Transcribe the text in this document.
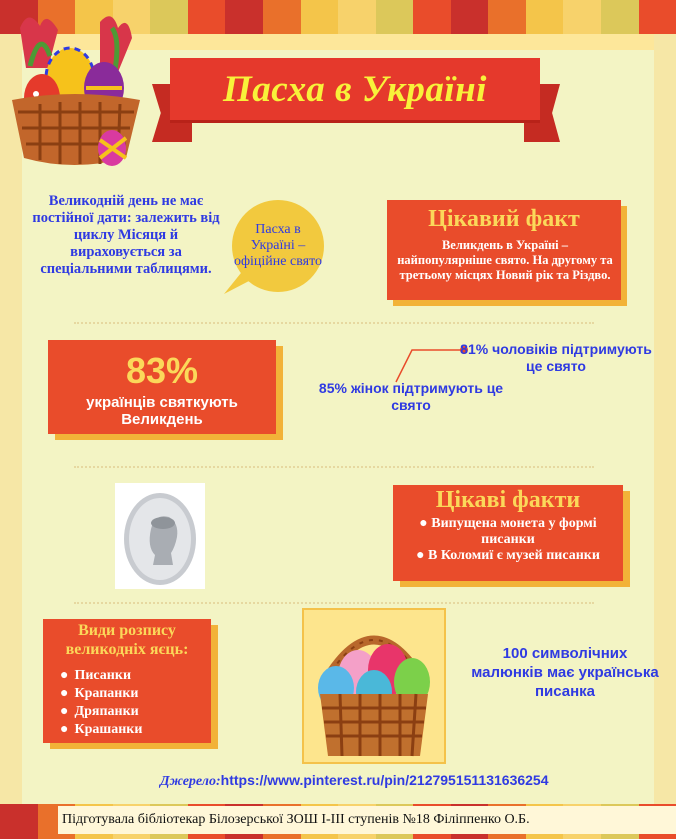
Пасха в Україні
Великодній день не має постійної дати: залежить від циклу Місяця й вираховується за спеціальними таблицями.
Пасха в Україні – офіційне свято
Цікавий факт
Великдень в Україні – найпопулярніше свято. На другому та третьому місцях Новий рік та Різдво.
83%
українців святкують Великдень
81% чоловіків підтримують це свято
85% жінок підтримують це свято
Цікаві факти
● Випущена монета у формі писанки
● В Коломиї є музей писанки
Види розпису великодніх яєць:
● Писанки
● Крапанки
● Дряпанки
● Крашанки
100 символічних малюнків має українська писанка
Джерело:https://www.pinterest.ru/pin/212795151131636254
Підготувала бібліотекар Білозерської ЗОШ І-ІІІ ступенів №18 Філіппенко О.Б.
